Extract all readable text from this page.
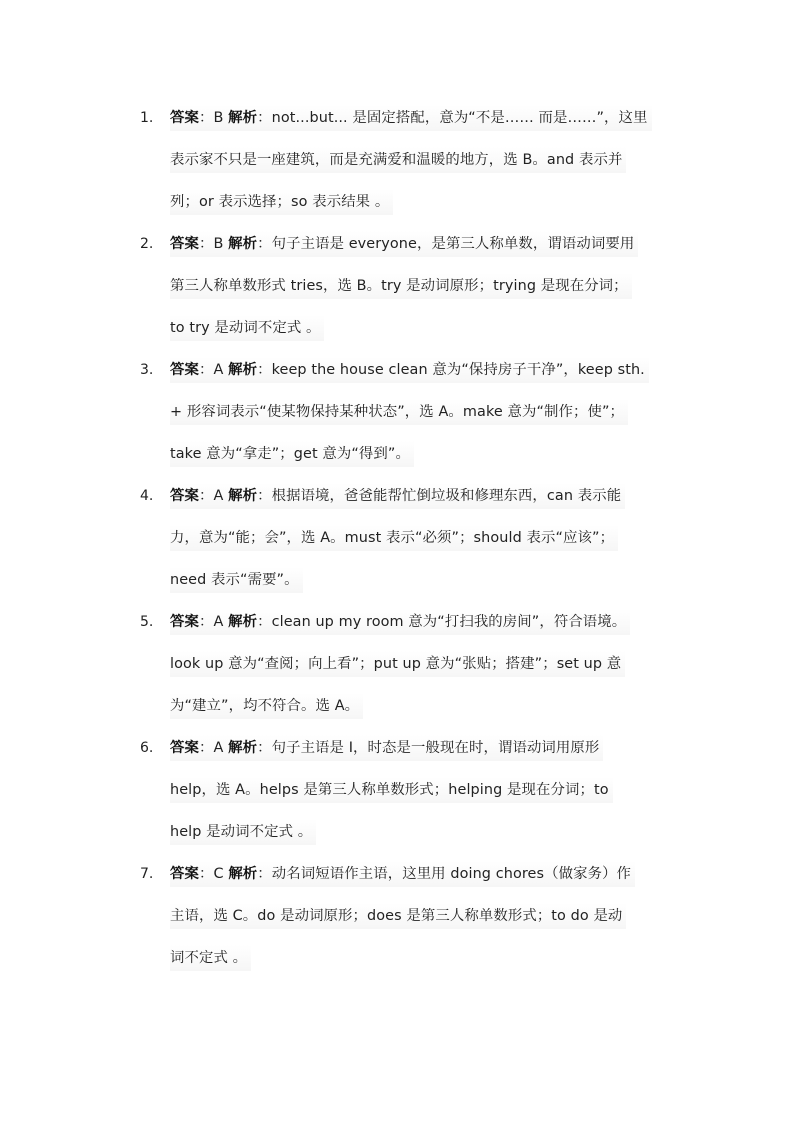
1.	答案：B 解析：not...but... 是固定搭配，意为“不是…… 而是……”，这里
表示家不只是一座建筑，而是充满爱和温暖的地方，选 B。and 表示并
列；or 表示选择；so 表示结果 。
2.	答案：B 解析：句子主语是 everyone，是第三人称单数，谓语动词要用
第三人称单数形式 tries，选 B。try 是动词原形；trying 是现在分词；
to try 是动词不定式 。
3.	答案：A 解析：keep the house clean 意为“保持房子干净”，keep sth.
+ 形容词表示“使某物保持某种状态”，选 A。make 意为“制作；使”；
take 意为“拿走”；get 意为“得到”。
4.	答案：A 解析：根据语境，爸爸能帮忙倒垃圾和修理东西，can 表示能
力，意为“能；会”，选 A。must 表示“必须”；should 表示“应该”；
need 表示“需要”。
5.	答案：A 解析：clean up my room 意为“打扫我的房间”，符合语境。
look up 意为“查阅；向上看”；put up 意为“张贴；搭建”；set up 意
为“建立”，均不符合。选 A。
6.	答案：A 解析：句子主语是 I，时态是一般现在时，谓语动词用原形
help，选 A。helps 是第三人称单数形式；helping 是现在分词；to
help 是动词不定式 。
7.	答案：C 解析：动名词短语作主语，这里用 doing chores（做家务）作
主语，选 C。do 是动词原形；does 是第三人称单数形式；to do 是动
词不定式 。
